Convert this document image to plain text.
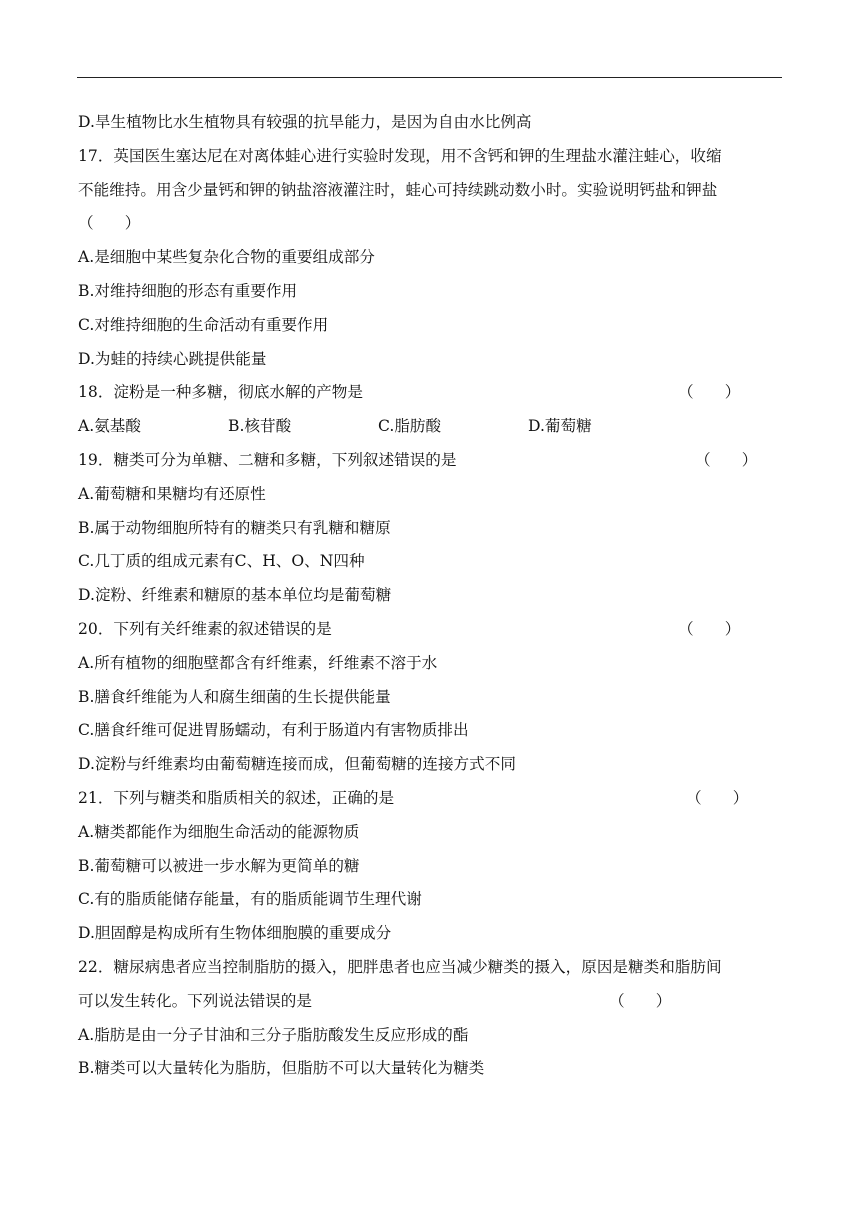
D.旱生植物比水生植物具有较强的抗旱能力，是因为自由水比例高
17．英国医生塞达尼在对离体蛙心进行实验时发现，用不含钙和钾的生理盐水灌注蛙心，收缩
不能维持。用含少量钙和钾的钠盐溶液灌注时，蛙心可持续跳动数小时。实验说明钙盐和钾盐
（　　）
A.是细胞中某些复杂化合物的重要组成部分
B.对维持细胞的形态有重要作用
C.对维持细胞的生命活动有重要作用
D.为蛙的持续心跳提供能量
18．淀粉是一种多糖，彻底水解的产物是	（　　）
A.氨基酸	B.核苷酸	C.脂肪酸	D.葡萄糖
19．糖类可分为单糖、二糖和多糖，下列叙述错误的是	（　　）
A.葡萄糖和果糖均有还原性
B.属于动物细胞所特有的糖类只有乳糖和糖原
C.几丁质的组成元素有C、H、O、N四种
D.淀粉、纤维素和糖原的基本单位均是葡萄糖
20．下列有关纤维素的叙述错误的是	（　　）
A.所有植物的细胞壁都含有纤维素，纤维素不溶于水
B.膳食纤维能为人和腐生细菌的生长提供能量
C.膳食纤维可促进胃肠蠕动，有利于肠道内有害物质排出
D.淀粉与纤维素均由葡萄糖连接而成，但葡萄糖的连接方式不同
21．下列与糖类和脂质相关的叙述，正确的是	（　　）
A.糖类都能作为细胞生命活动的能源物质
B.葡萄糖可以被进一步水解为更简单的糖
C.有的脂质能储存能量，有的脂质能调节生理代谢
D.胆固醇是构成所有生物体细胞膜的重要成分
22．糖尿病患者应当控制脂肪的摄入，肥胖患者也应当减少糖类的摄入，原因是糖类和脂肪间
可以发生转化。下列说法错误的是	（　　）
A.脂肪是由一分子甘油和三分子脂肪酸发生反应形成的酯
B.糖类可以大量转化为脂肪，但脂肪不可以大量转化为糖类
